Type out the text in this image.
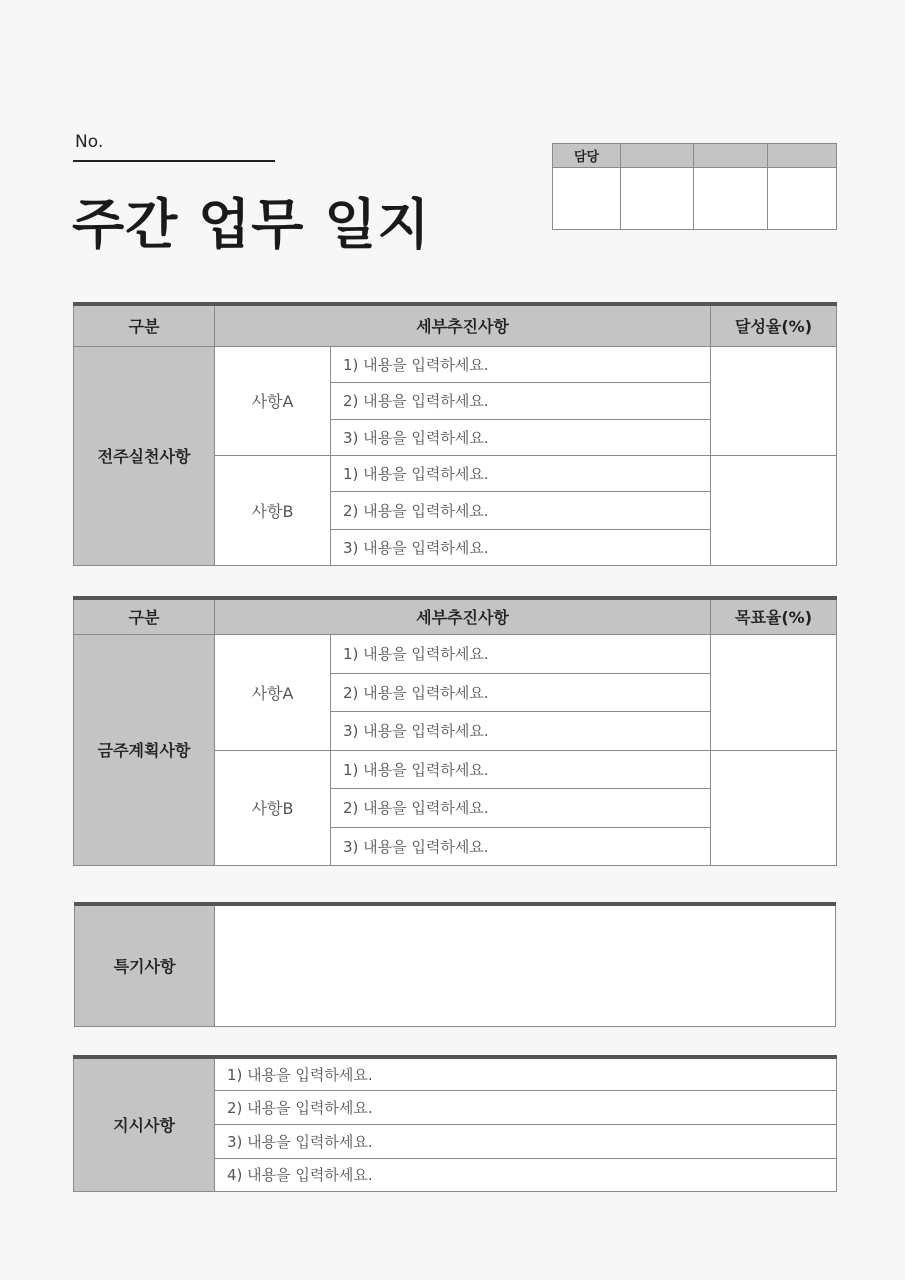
No.
주간 업무 일지
담당			

구분	세부추진사항		달성율(%)
전주실천사항	사항A	1) 내용을 입력하세요.	
		2) 내용을 입력하세요.	
		3) 내용을 입력하세요.	
	사항B	1) 내용을 입력하세요.	
		2) 내용을 입력하세요.	
		3) 내용을 입력하세요.	
구분	세부추진사항		목표율(%)
금주계획사항	사항A	1) 내용을 입력하세요.	
		2) 내용을 입력하세요.	
		3) 내용을 입력하세요.	
	사항B	1) 내용을 입력하세요.	
		2) 내용을 입력하세요.	
		3) 내용을 입력하세요.	
특기사항	
지시사항	1) 내용을 입력하세요.
2) 내용을 입력하세요.
3) 내용을 입력하세요.
4) 내용을 입력하세요.
